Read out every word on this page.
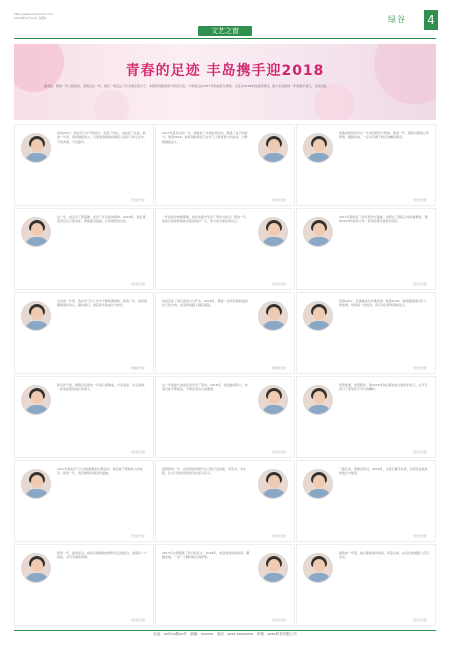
http://www.xxxxxxxx.com
2018年xx月xx日 星期x
文艺之窗
绿谷 4
青春的足迹 丰岛携手迎2018
编者按：新的一年已经到来，回顾过去一年，我们一同走过了许多难忘的日子。本版特别邀请部分师生代表，分享他们在2017年的收获与感悟，以及对2018年的美好期待，愿大家在新的一年里携手前行，共创佳绩。
回首2017，我在学习中不断成长，收获了知识，也收获了友谊。新的一年里，我将继续努力，以更加饱满的热情投入到学习和生活中，不负青春，不负韶华。
（学生代表）
2017年是充实的一年，我参加了多项社团活动，锻炼了自己的能力。展望2018，我希望能够在专业学习上取得更大的进步，为梦想继续奋斗。
（学生代表）
感谢老师和同学们一年来的陪伴与帮助。新的一年，愿我们都能心怀梦想，脚踏实地，一起书写属于我们的精彩篇章。
（学生代表）
这一年，我走出了舒适圈，尝试了许多新的事物。2018年，我会更加坚定自己的目标，勇敢面对挑战，让青春绽放光彩。
（学生代表）
一年的时光转瞬即逝，我在实践中学会了坚持与担当。新的一年，我将以更加积极的态度迎接每一天，努力成为更好的自己。
（学生代表）
2017年我收获了很多感动与温暖，也明白了团队合作的重要性。期待2018年能和大家一起创造更多美好的回忆。
（学生代表）
过去的一年里，我在学习与工作中不断积累经验。新的一年，我希望继续保持初心，踏实前行，收获更多的成长与快乐。
（教师代表）
时间见证了我们的努力与汗水。2018年，愿每一位同学都能找到自己的方向，在追梦的路上越走越远。
（教师代表）
回顾2017，充满挑战也充满希望。展望2018，我将继续保持学习的热情，珍惜每一次机会，用行动诠释青春的意义。
（学生代表）
新年新气象，愿我们在新的一年里心想事成，学业进步，生活美满，一起迎接更加灿烂的明天。
（学生代表）
这一年我最大的收获是学会了坚持。2018年，我会继续努力，向着目标不断前进，不辜负身边人的期望。
（学生代表）
感恩相遇，感恩陪伴。愿2018年我们都能成为更好的自己，在平凡的日子里创造不平凡的精彩。
（学生代表）
2017年我在学习之余积极参加志愿活动，体会到了帮助他人的快乐。新的一年，我会继续传递这份温暖。
（学生代表）
展望新的一年，我希望能够提升自己的专业技能，多读书、多实践，让自己的青春更加充实而有意义。
（学生代表）
一路走来，感谢有你们。2018年，让我们携手并进，共同见证彼此的成长与蜕变。
（学生代表）
新的一年，新的起点。我将以饱满的热情和坚定的信念，迎接每一个挑战，书写无悔的青春。
（学生代表）
2017年让我懂得了努力的意义。2018年，我会更加珍惜时间，脚踏实地，一步一个脚印地走向梦想。
（学生代表）
愿新的一年里，我们都能保持热爱，奔赴山海，在各自的道路上闪闪发光。
（学生代表）
社址：xx市xx路xx号　邮编：xxxxxx　电话：xxxx-xxxxxxxx　印刷：xxxx印务有限公司
